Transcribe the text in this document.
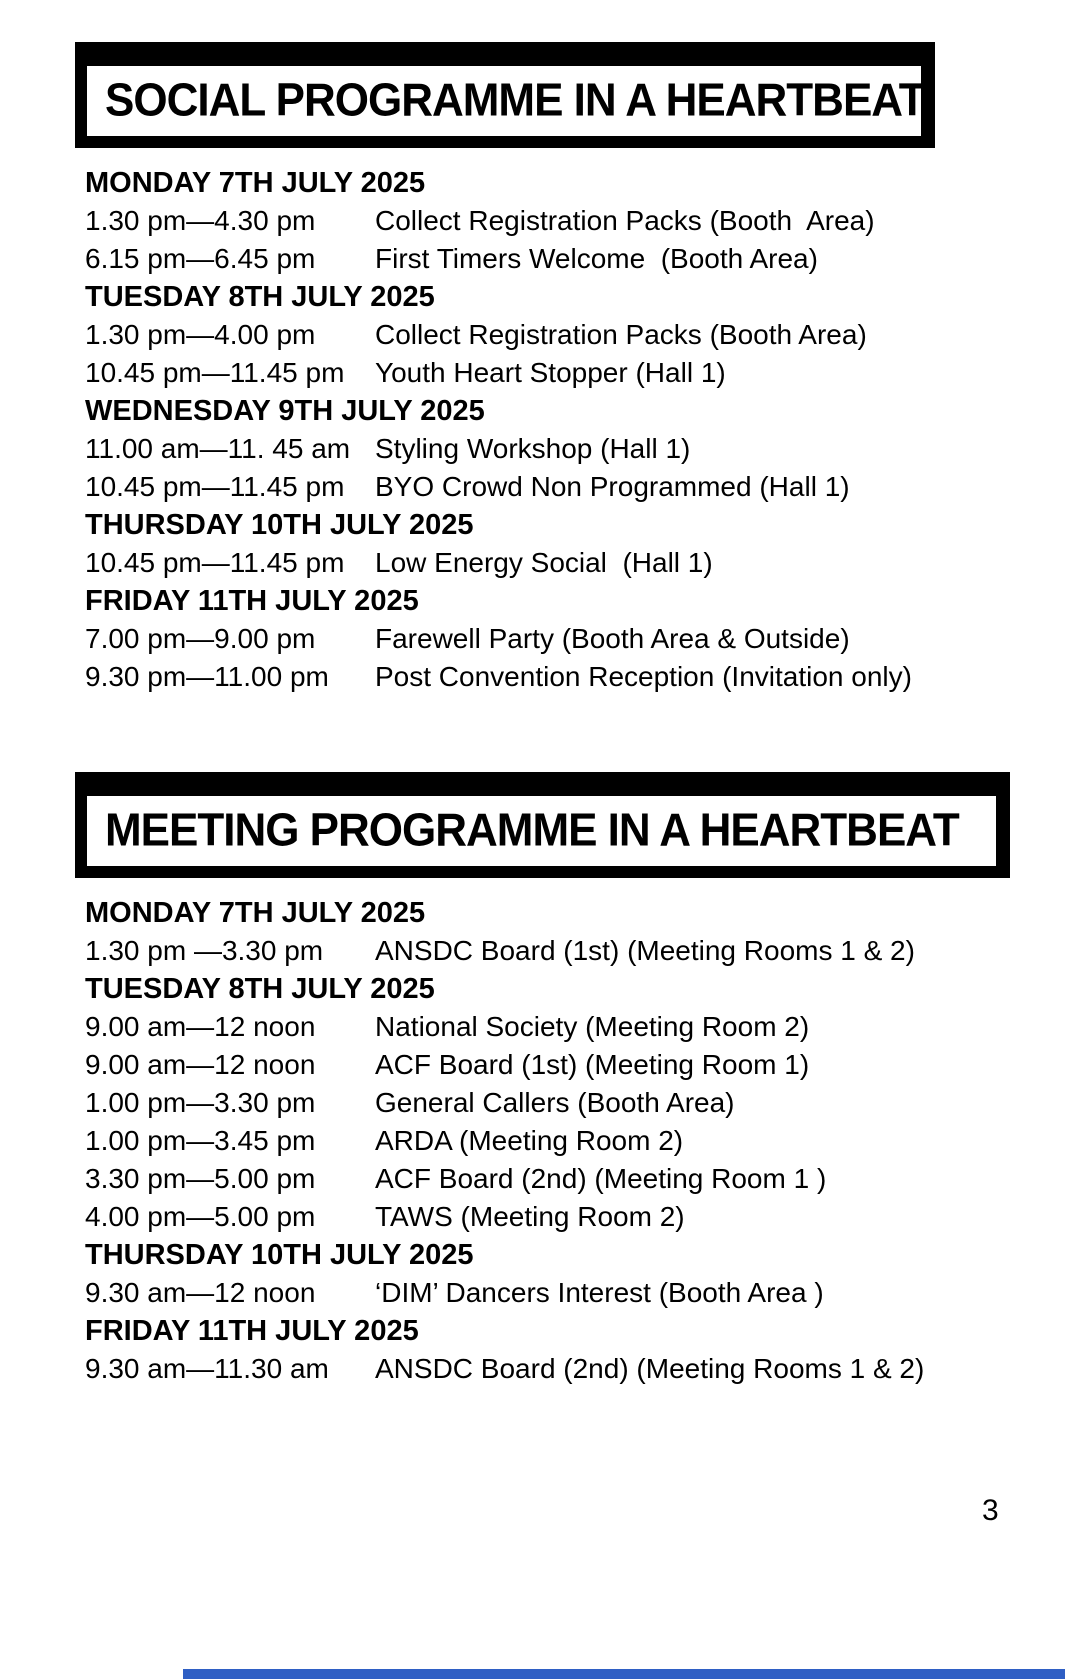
SOCIAL PROGRAMME IN A HEARTBEAT
MONDAY 7TH JULY 2025
1.30 pm—4.30 pm	Collect Registration Packs (Booth  Area)
6.15 pm—6.45 pm	First Timers Welcome  (Booth Area)
TUESDAY 8TH JULY 2025
1.30 pm—4.00 pm	Collect Registration Packs (Booth Area)
10.45 pm—11.45 pm	Youth Heart Stopper (Hall 1)
WEDNESDAY 9TH JULY 2025
11.00 am—11. 45 am Styling Workshop (Hall 1)
10.45 pm—11.45 pm	BYO Crowd Non Programmed (Hall 1)
THURSDAY 10TH JULY 2025
10.45 pm—11.45 pm	Low Energy Social  (Hall 1)
FRIDAY 11TH JULY 2025
7.00 pm—9.00 pm	Farewell Party (Booth Area & Outside)
9.30 pm—11.00 pm	Post Convention Reception (Invitation only)
MEETING PROGRAMME IN A HEARTBEAT
MONDAY 7TH JULY 2025
1.30 pm —3.30 pm	ANSDC Board (1st) (Meeting Rooms 1 & 2)
TUESDAY 8TH JULY 2025
9.00 am—12 noon	National Society (Meeting Room 2)
9.00 am—12 noon	ACF Board (1st) (Meeting Room 1)
1.00 pm—3.30 pm	General Callers (Booth Area)
1.00 pm—3.45 pm	ARDA (Meeting Room 2)
3.30 pm—5.00 pm	ACF Board (2nd) (Meeting Room 1 )
4.00 pm—5.00 pm	TAWS (Meeting Room 2)
THURSDAY 10TH JULY 2025
9.30 am—12 noon	‘DIM’ Dancers Interest (Booth Area )
FRIDAY 11TH JULY 2025
9.30 am—11.30 am	ANSDC Board (2nd) (Meeting Rooms 1 & 2)
3
